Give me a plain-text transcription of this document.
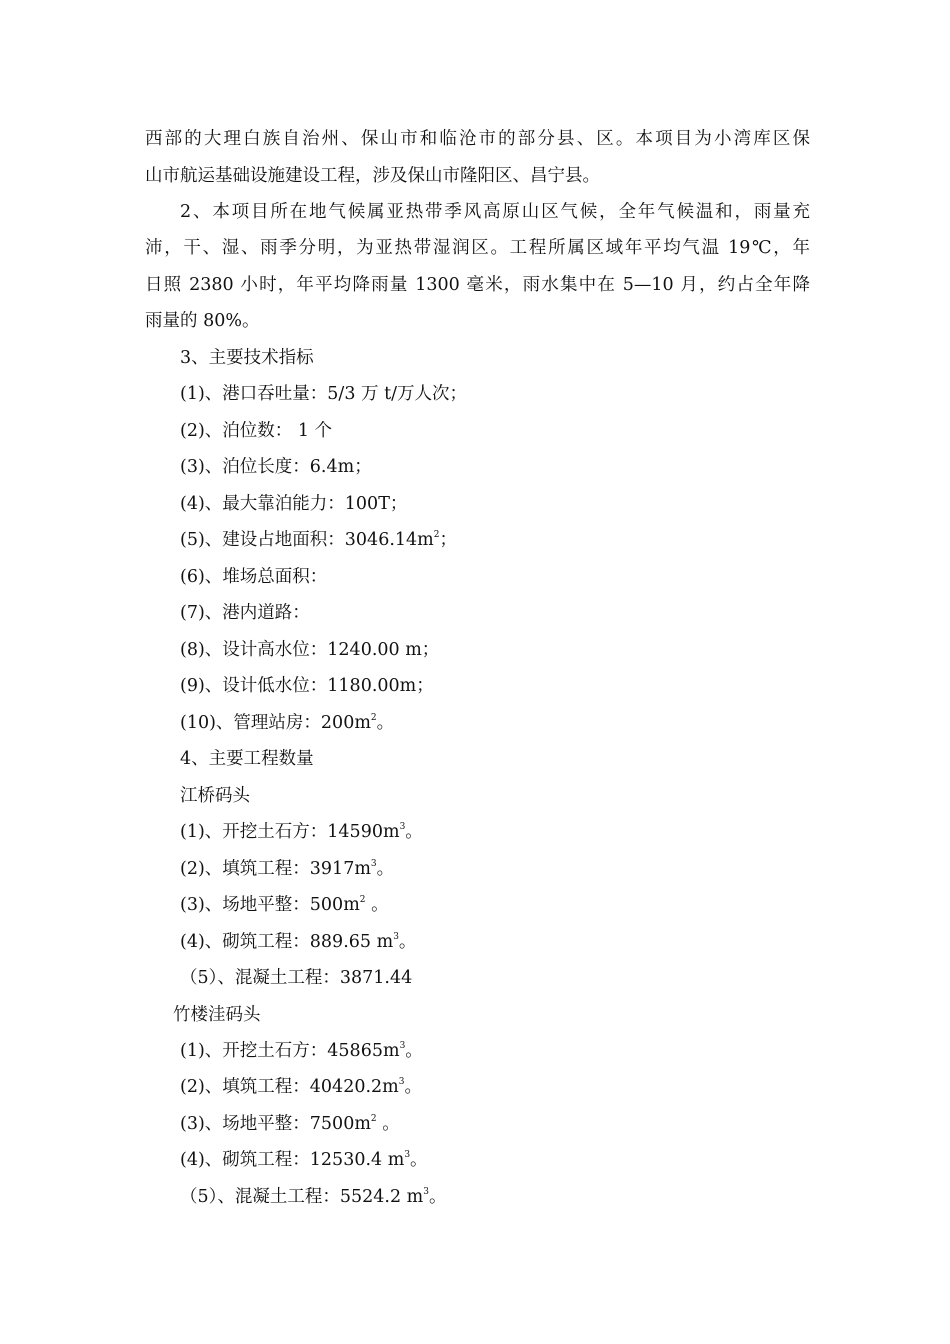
西部的大理白族自治州、保山市和临沧市的部分县、区。本项目为小湾库区保
山市航运基础设施建设工程，涉及保山市隆阳区、昌宁县。
2、本项目所在地气候属亚热带季风高原山区气候，全年气候温和，雨量充
沛，干、湿、雨季分明，为亚热带湿润区。工程所属区域年平均气温 19℃，年
日照 2380 小时，年平均降雨量 1300 毫米，雨水集中在 5—10 月，约占全年降
雨量的 80%。
3、主要技术指标
(1)、港口吞吐量：5/3 万 t/万人次；
(2)、泊位数： 1 个
(3)、泊位长度：6.4m；
(4)、最大靠泊能力：100T；
(5)、建设占地面积：$3046.14m^2$；
(6)、堆场总面积：
(7)、港内道路：
(8)、设计高水位：1240.00 m；
(9)、设计低水位：1180.00m；
(10)、管理站房：$200m^2$。
4、主要工程数量
江桥码头
(1)、开挖土石方：$14590m^3$。
(2)、填筑工程：$3917m^3$。
(3)、场地平整：$500m^2$ 。
(4)、砌筑工程：889.65 $m^3$。
（5）、混凝土工程：3871.44
竹楼洼码头
(1)、开挖土石方：$45865m^3$。
(2)、填筑工程：$40420.2m^3$。
(3)、场地平整：$7500m^2$ 。
(4)、砌筑工程：12530.4 $m^3$。
（5）、混凝土工程：5524.2 $m^3$。
